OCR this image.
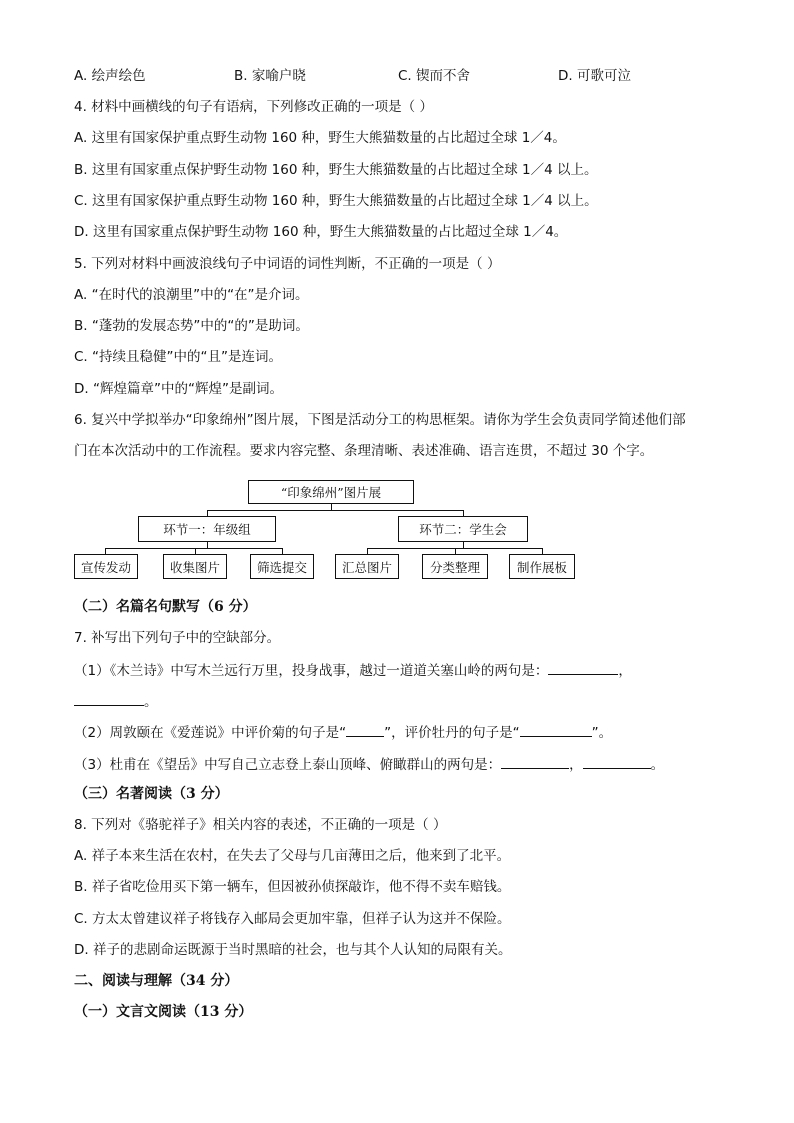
A. 绘声绘色	B. 家喻户晓	C. 锲而不舍	D. 可歌可泣
4. 材料中画横线的句子有语病，下列修改正确的一项是（ ）
A. 这里有国家保护重点野生动物 160 种，野生大熊猫数量的占比超过全球 1／4。
B. 这里有国家重点保护野生动物 160 种，野生大熊猫数量的占比超过全球 1／4 以上。
C. 这里有国家保护重点野生动物 160 种，野生大熊猫数量的占比超过全球 1／4 以上。
D. 这里有国家重点保护野生动物 160 种，野生大熊猫数量的占比超过全球 1／4。
5. 下列对材料中画波浪线句子中词语的词性判断，不正确的一项是（ ）
A. “在时代的浪潮里”中的“在”是介词。
B. “蓬勃的发展态势”中的“的”是助词。
C. “持续且稳健”中的“且”是连词。
D. “辉煌篇章”中的“辉煌”是副词。
6. 复兴中学拟举办“印象绵州”图片展，下图是活动分工的构思框架。请你为学生会负责同学简述他们部
门在本次活动中的工作流程。要求内容完整、条理清晰、表述准确、语言连贯，不超过 30 个字。
“印象绵州”图片展
环节一：年级组	环节二：学生会
宣传发动	收集图片	筛选提交	汇总图片	分类整理	制作展板
（二）名篇名句默写（6 分）
7. 补写出下列句子中的空缺部分。
（1）《木兰诗》中写木兰远行万里，投身战事，越过一道道关塞山岭的两句是：	，
。
（2）周敦颐在《爱莲说》中评价菊的句子是“	”，评价牡丹的句子是“	”。
（3）杜甫在《望岳》中写自己立志登上泰山顶峰、俯瞰群山的两句是：	，	。
（三）名著阅读（3 分）
8. 下列对《骆驼祥子》相关内容的表述，不正确的一项是（ ）
A. 祥子本来生活在农村，在失去了父母与几亩薄田之后，他来到了北平。
B. 祥子省吃俭用买下第一辆车，但因被孙侦探敲诈，他不得不卖车赔钱。
C. 方太太曾建议祥子将钱存入邮局会更加牢靠，但祥子认为这并不保险。
D. 祥子的悲剧命运既源于当时黑暗的社会，也与其个人认知的局限有关。
二、阅读与理解（34 分）
（一）文言文阅读（13 分）
